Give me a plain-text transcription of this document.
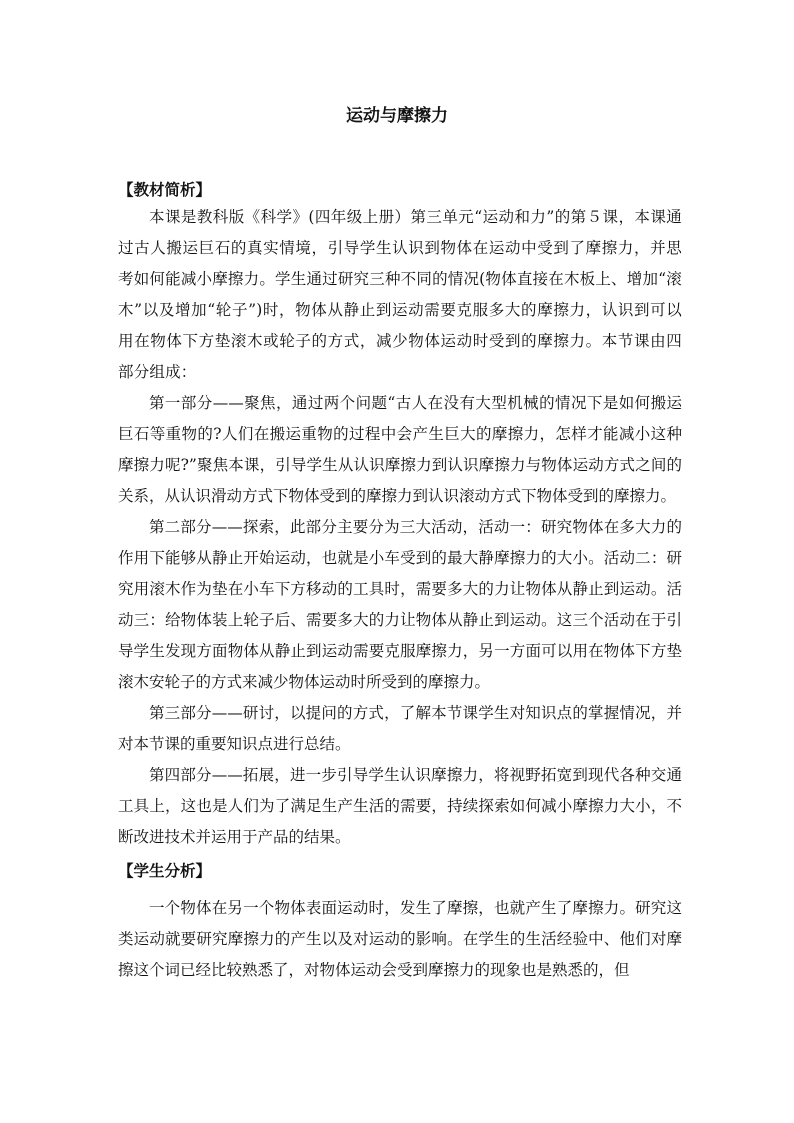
运动与摩擦力

【教材简析】

本课是教科版《科学》(四年级上册）第三单元“运动和力”的第５课，本课通过古人搬运巨石的真实情境，引导学生认识到物体在运动中受到了摩擦力，并思考如何能减小摩擦力。学生通过研究三种不同的情况(物体直接在木板上、增加“滚木”以及增加“轮子”)时，物体从静止到运动需要克服多大的摩擦力，认识到可以用在物体下方垫滚木或轮子的方式，减少物体运动时受到的摩擦力。本节课由四部分组成：

第一部分——聚焦，通过两个问题“古人在没有大型机械的情况下是如何搬运巨石等重物的?人们在搬运重物的过程中会产生巨大的摩擦力，怎样才能减小这种摩擦力呢?”聚焦本课，引导学生从认识摩擦力到认识摩擦力与物体运动方式之间的关系，从认识滑动方式下物体受到的摩擦力到认识滚动方式下物体受到的摩擦力。

第二部分——探索，此部分主要分为三大活动，活动一：研究物体在多大力的作用下能够从静止开始运动，也就是小车受到的最大静摩擦力的大小。活动二：研究用滚木作为垫在小车下方移动的工具时，需要多大的力让物体从静止到运动。活动三：给物体装上轮子后、需要多大的力让物体从静止到运动。这三个活动在于引导学生发现方面物体从静止到运动需要克服摩擦力，另一方面可以用在物体下方垫滚木安轮子的方式来减少物体运动时所受到的摩擦力。

第三部分——研讨，以提问的方式，了解本节课学生对知识点的掌握情况，并对本节课的重要知识点进行总结。

第四部分——拓展，进一步引导学生认识摩擦力，将视野拓宽到现代各种交通工具上，这也是人们为了满足生产生活的需要，持续探索如何减小摩擦力大小，不断改进技术并运用于产品的结果。

【学生分析】

一个物体在另一个物体表面运动时，发生了摩擦，也就产生了摩擦力。研究这类运动就要研究摩擦力的产生以及对运动的影响。在学生的生活经验中、他们对摩擦这个词已经比较熟悉了，对物体运动会受到摩擦力的现象也是熟悉的，但
